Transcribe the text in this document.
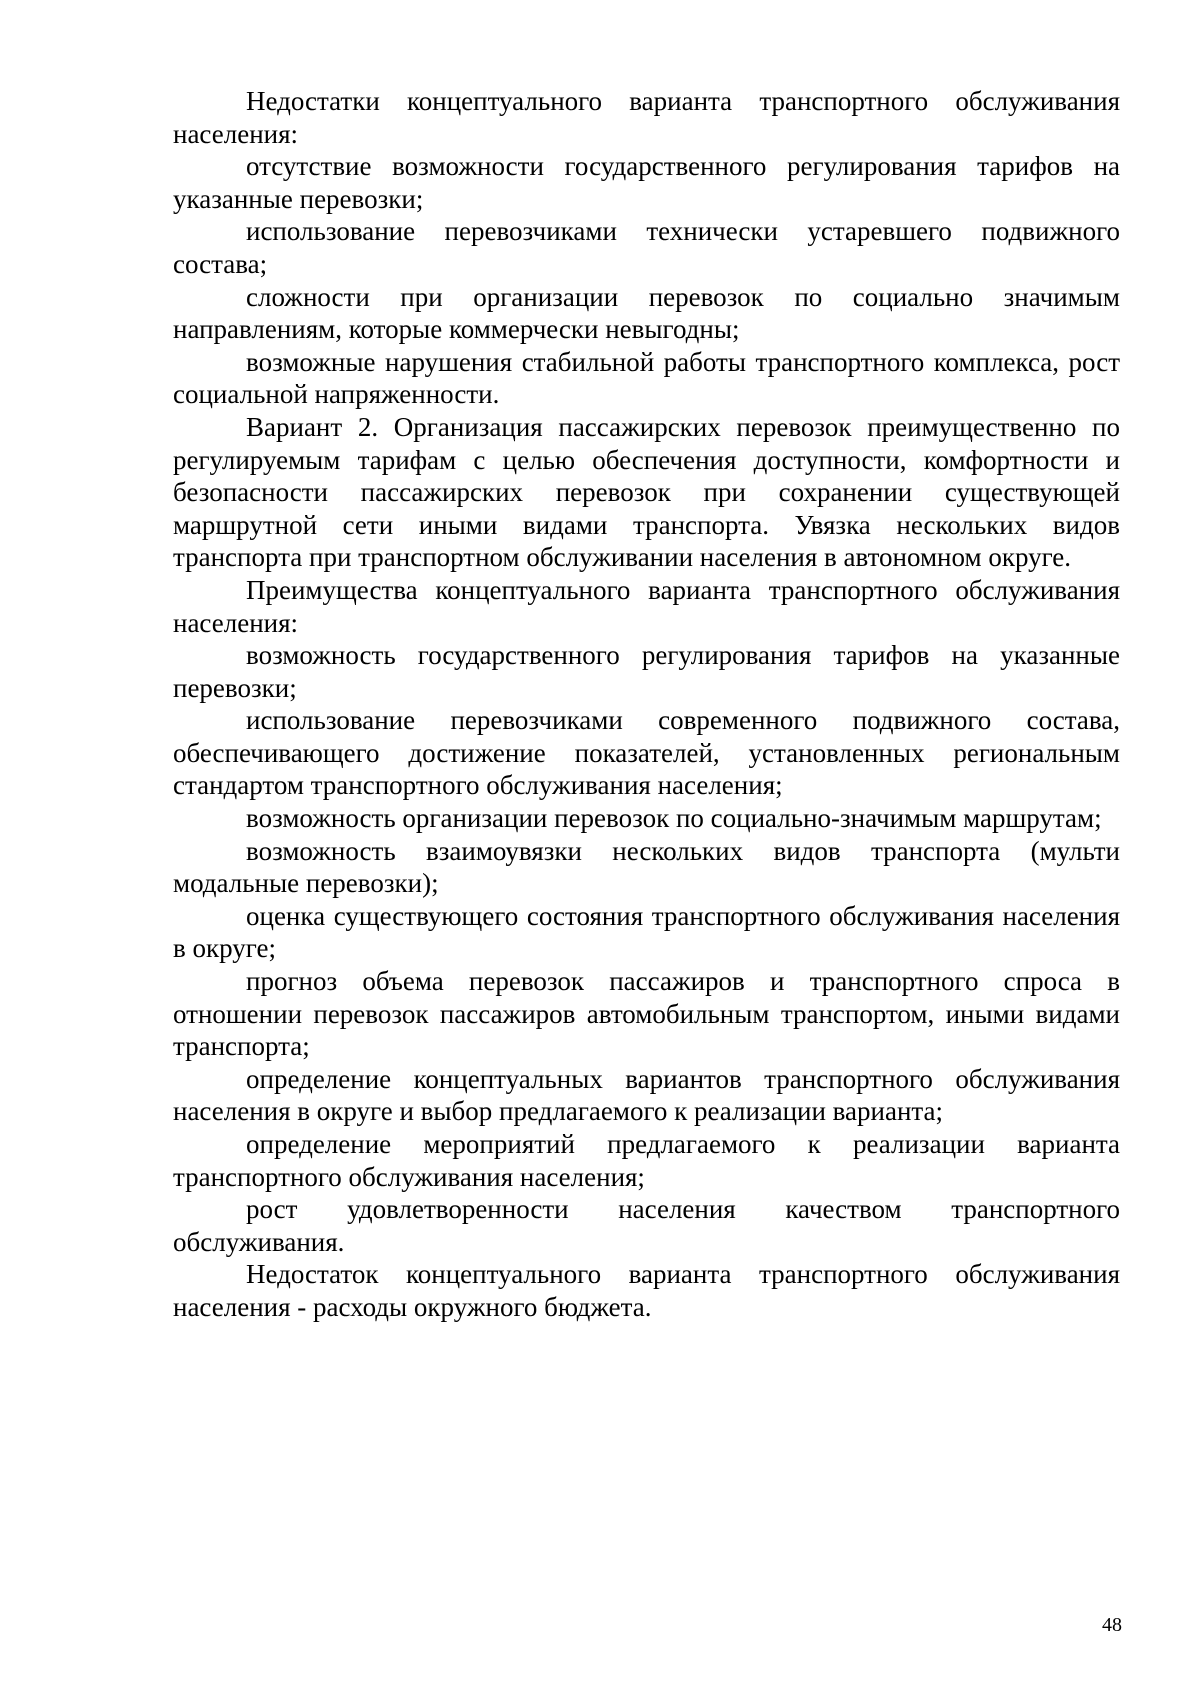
Недостатки концептуального варианта транспортного обслуживания населения:

отсутствие возможности государственного регулирования тарифов на указанные перевозки;

использование перевозчиками технически устаревшего подвижного состава;

сложности при организации перевозок по социально значимым направлениям, которые коммерчески невыгодны;

возможные нарушения стабильной работы транспортного комплекса, рост социальной напряженности.

Вариант 2. Организация пассажирских перевозок преимущественно по регулируемым тарифам с целью обеспечения доступности, комфортности и безопасности пассажирских перевозок при сохранении существующей маршрутной сети иными видами транспорта. Увязка нескольких видов транспорта при транспортном обслуживании населения в автономном округе.

Преимущества концептуального варианта транспортного обслуживания населения:

возможность государственного регулирования тарифов на указанные перевозки;

использование перевозчиками современного подвижного состава, обеспечивающего достижение показателей, установленных региональным стандартом транспортного обслуживания населения;

возможность организации перевозок по социально-значимым маршрутам;

возможность взаимоувязки нескольких видов транспорта (мульти модальные перевозки);

оценка существующего состояния транспортного обслуживания населения в округе;

прогноз объема перевозок пассажиров и транспортного спроса в отношении перевозок пассажиров автомобильным транспортом, иными видами транспорта;

определение концептуальных вариантов транспортного обслуживания населения в округе и выбор предлагаемого к реализации варианта;

определение мероприятий предлагаемого к реализации варианта транспортного обслуживания населения;

рост удовлетворенности населения качеством транспортного обслуживания.

Недостаток концептуального варианта транспортного обслуживания населения - расходы окружного бюджета.

48
